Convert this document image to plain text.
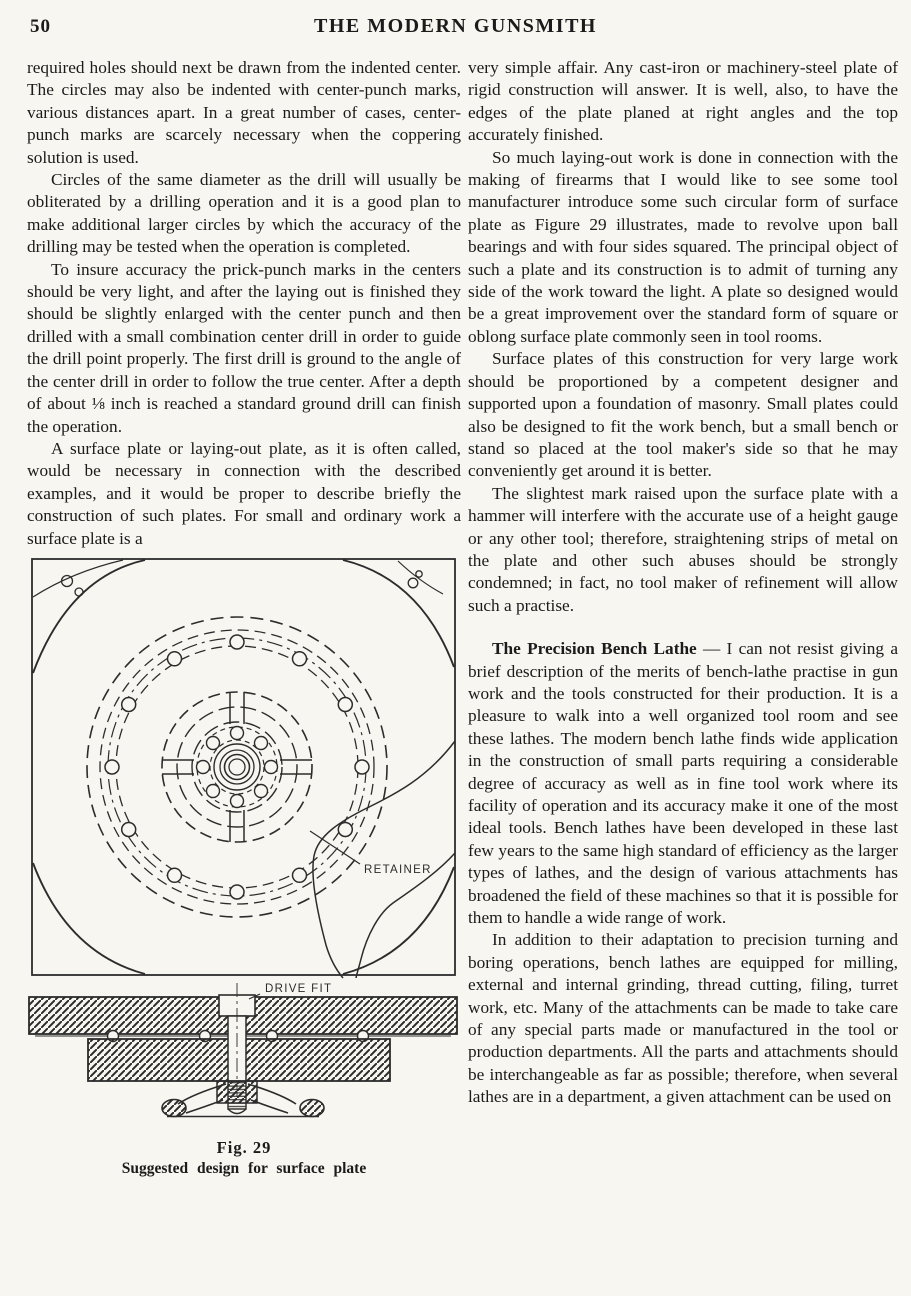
50	THE MODERN GUNSMITH

required holes should next be drawn from the indented center. The circles may also be indented with center-punch marks, various distances apart. In a great number of cases, center-punch marks are scarcely necessary when the coppering solution is used.

Circles of the same diameter as the drill will usually be obliterated by a drilling operation and it is a good plan to make additional larger circles by which the accuracy of the drilling may be tested when the operation is completed.

To insure accuracy the prick-punch marks in the centers should be very light, and after the laying out is finished they should be slightly enlarged with the center punch and then drilled with a small combination center drill in order to guide the drill point properly. The first drill is ground to the angle of the center drill in order to follow the true center. After a depth of about ⅛ inch is reached a standard ground drill can finish the operation.

A surface plate or laying-out plate, as it is often called, would be necessary in connection with the described examples, and it would be proper to describe briefly the construction of such plates. For small and ordinary work a surface plate is a

RETAINER
DRIVE FIT
Fig. 29
Suggested design for surface plate

very simple affair. Any cast-iron or machinery-steel plate of rigid construction will answer. It is well, also, to have the edges of the plate planed at right angles and the top accurately finished.

So much laying-out work is done in connection with the making of firearms that I would like to see some tool manufacturer introduce some such circular form of surface plate as Figure 29 illustrates, made to revolve upon ball bearings and with four sides squared. The principal object of such a plate and its construction is to admit of turning any side of the work toward the light. A plate so designed would be a great improvement over the standard form of square or oblong surface plate commonly seen in tool rooms.

Surface plates of this construction for very large work should be proportioned by a competent designer and supported upon a foundation of masonry. Small plates could also be designed to fit the work bench, but a small bench or stand so placed at the tool maker's side so that he may conveniently get around it is better.

The slightest mark raised upon the surface plate with a hammer will interfere with the accurate use of a height gauge or any other tool; therefore, straightening strips of metal on the plate and other such abuses should be strongly condemned; in fact, no tool maker of refinement will allow such a practise.

The Precision Bench Lathe — I can not resist giving a brief description of the merits of bench-lathe practise in gun work and the tools constructed for their production. It is a pleasure to walk into a well organized tool room and see these lathes. The modern bench lathe finds wide application in the construction of small parts requiring a considerable degree of accuracy as well as in fine tool work where its facility of operation and its accuracy make it one of the most ideal tools. Bench lathes have been developed in these last few years to the same high standard of efficiency as the larger types of lathes, and the design of various attachments has broadened the field of these machines so that it is possible for them to handle a wide range of work.

In addition to their adaptation to precision turning and boring operations, bench lathes are equipped for milling, external and internal grinding, thread cutting, filing, turret work, etc. Many of the attachments can be made to take care of any special parts made or manufactured in the tool or production departments. All the parts and attachments should be interchangeable as far as possible; therefore, when several lathes are in a department, a given attachment can be used on
